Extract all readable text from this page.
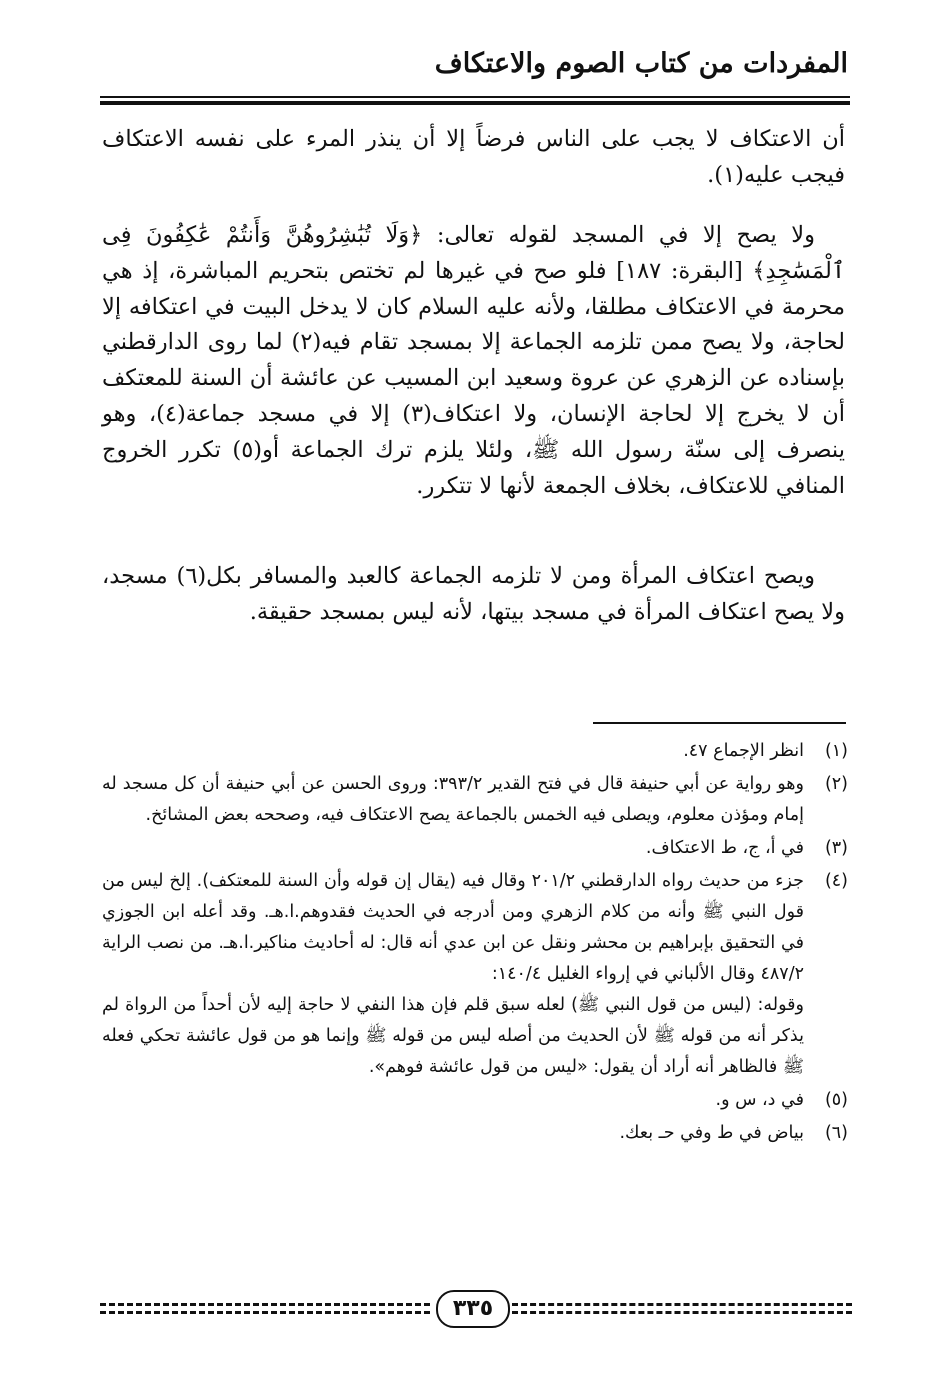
المفردات من كتاب الصوم والاعتكاف

أن الاعتكاف لا يجب على الناس فرضاً إلا أن ينذر المرء على نفسه الاعتكاف فيجب عليه(١).

ولا يصح إلا في المسجد لقوله تعالى: ﴿وَلَا تُبَٰشِرُوهُنَّ وَأَنتُمْ عَٰكِفُونَ فِى ٱلْمَسَٰجِدِ﴾ [البقرة: ١٨٧] فلو صح في غيرها لم تختص بتحريم المباشرة، إذ هي محرمة في الاعتكاف مطلقا، ولأنه عليه السلام كان لا يدخل البيت في اعتكافه إلا لحاجة، ولا يصح ممن تلزمه الجماعة إلا بمسجد تقام فيه(٢) لما روى الدارقطني بإسناده عن الزهري عن عروة وسعيد ابن المسيب عن عائشة أن السنة للمعتكف أن لا يخرج إلا لحاجة الإنسان، ولا اعتكاف(٣) إلا في مسجد جماعة(٤)، وهو ينصرف إلى سنّة رسول الله ﷺ، ولئلا يلزم ترك الجماعة أو(٥) تكرر الخروج المنافي للاعتكاف، بخلاف الجمعة لأنها لا تتكرر.

ويصح اعتكاف المرأة ومن لا تلزمه الجماعة كالعبد والمسافر بكل(٦) مسجد، ولا يصح اعتكاف المرأة في مسجد بيتها، لأنه ليس بمسجد حقيقة.

(١)

انظر الإجماع ٤٧.

(٢)

وهو رواية عن أبي حنيفة قال في فتح القدير ٣٩٣/٢: وروى الحسن عن أبي حنيفة أن كل مسجد له إمام ومؤذن معلوم، ويصلى فيه الخمس بالجماعة يصح الاعتكاف فيه، وصححه بعض المشائخ.

(٣)

في أ، ج، ط الاعتكاف.

(٤)

جزء من حديث رواه الدارقطني ٢٠١/٢ وقال فيه (يقال إن قوله وأن السنة للمعتكف). إلخ ليس من قول النبي ﷺ وأنه من كلام الزهري ومن أدرجه في الحديث فقدوهم.ا.هـ. وقد أعله ابن الجوزي في التحقيق بإبراهيم بن محشر ونقل عن ابن عدي أنه قال: له أحاديث مناكير.ا.هـ. من نصب الراية ٤٨٧/٢ وقال الألباني في إرواء الغليل ١٤٠/٤:

وقوله: (ليس من قول النبي ﷺ) لعله سبق قلم فإن هذا النفي لا حاجة إليه لأن أحداً من الرواة لم يذكر أنه من قوله ﷺ لأن الحديث من أصله ليس من قوله ﷺ وإنما هو من قول عائشة تحكي فعله ﷺ فالظاهر أنه أراد أن يقول: «ليس من قول عائشة فوهم».

(٥)

في د، س و.

(٦)

بياض في ط وفي حـ بعك.

٣٣٥
